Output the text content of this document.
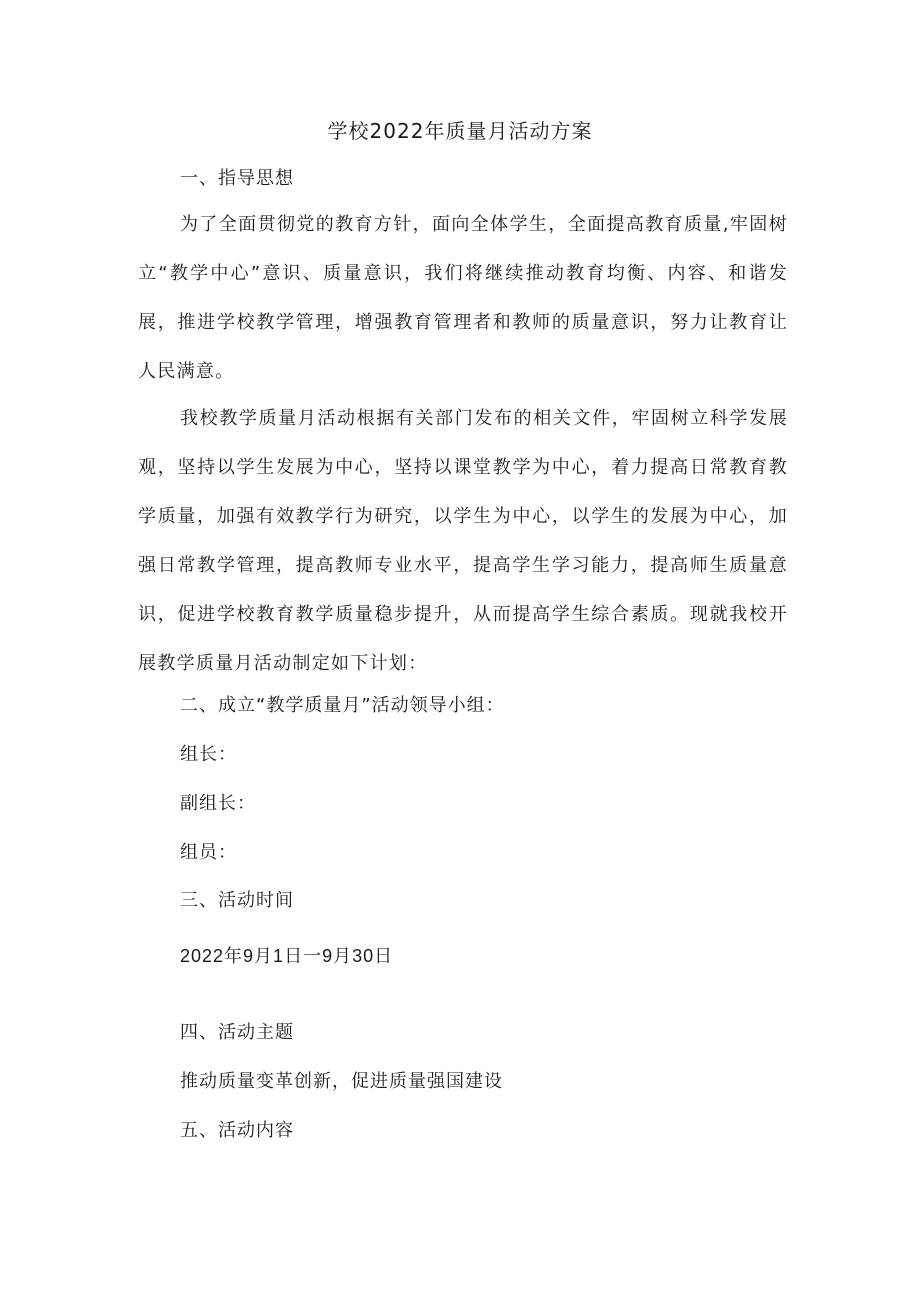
学校2022年质量月活动方案
一、指导思想
为了全面贯彻党的教育方针，面向全体学生，全面提高教育质量,牢固树立“教学中心”意识、质量意识，我们将继续推动教育均衡、内容、和谐发展，推进学校教学管理，增强教育管理者和教师的质量意识，努力让教育让人民满意。
我校教学质量月活动根据有关部门发布的相关文件，牢固树立科学发展观，坚持以学生发展为中心，坚持以课堂教学为中心，着力提高日常教育教学质量，加强有效教学行为研究，以学生为中心，以学生的发展为中心，加强日常教学管理，提高教师专业水平，提高学生学习能力，提高师生质量意识，促进学校教育教学质量稳步提升，从而提高学生综合素质。现就我校开展教学质量月活动制定如下计划：
二、成立“教学质量月”活动领导小组：
组长：
副组长：
组员：
三、活动时间
2022年9月1日一9月30日
四、活动主题
推动质量变革创新，促进质量强国建设
五、活动内容
